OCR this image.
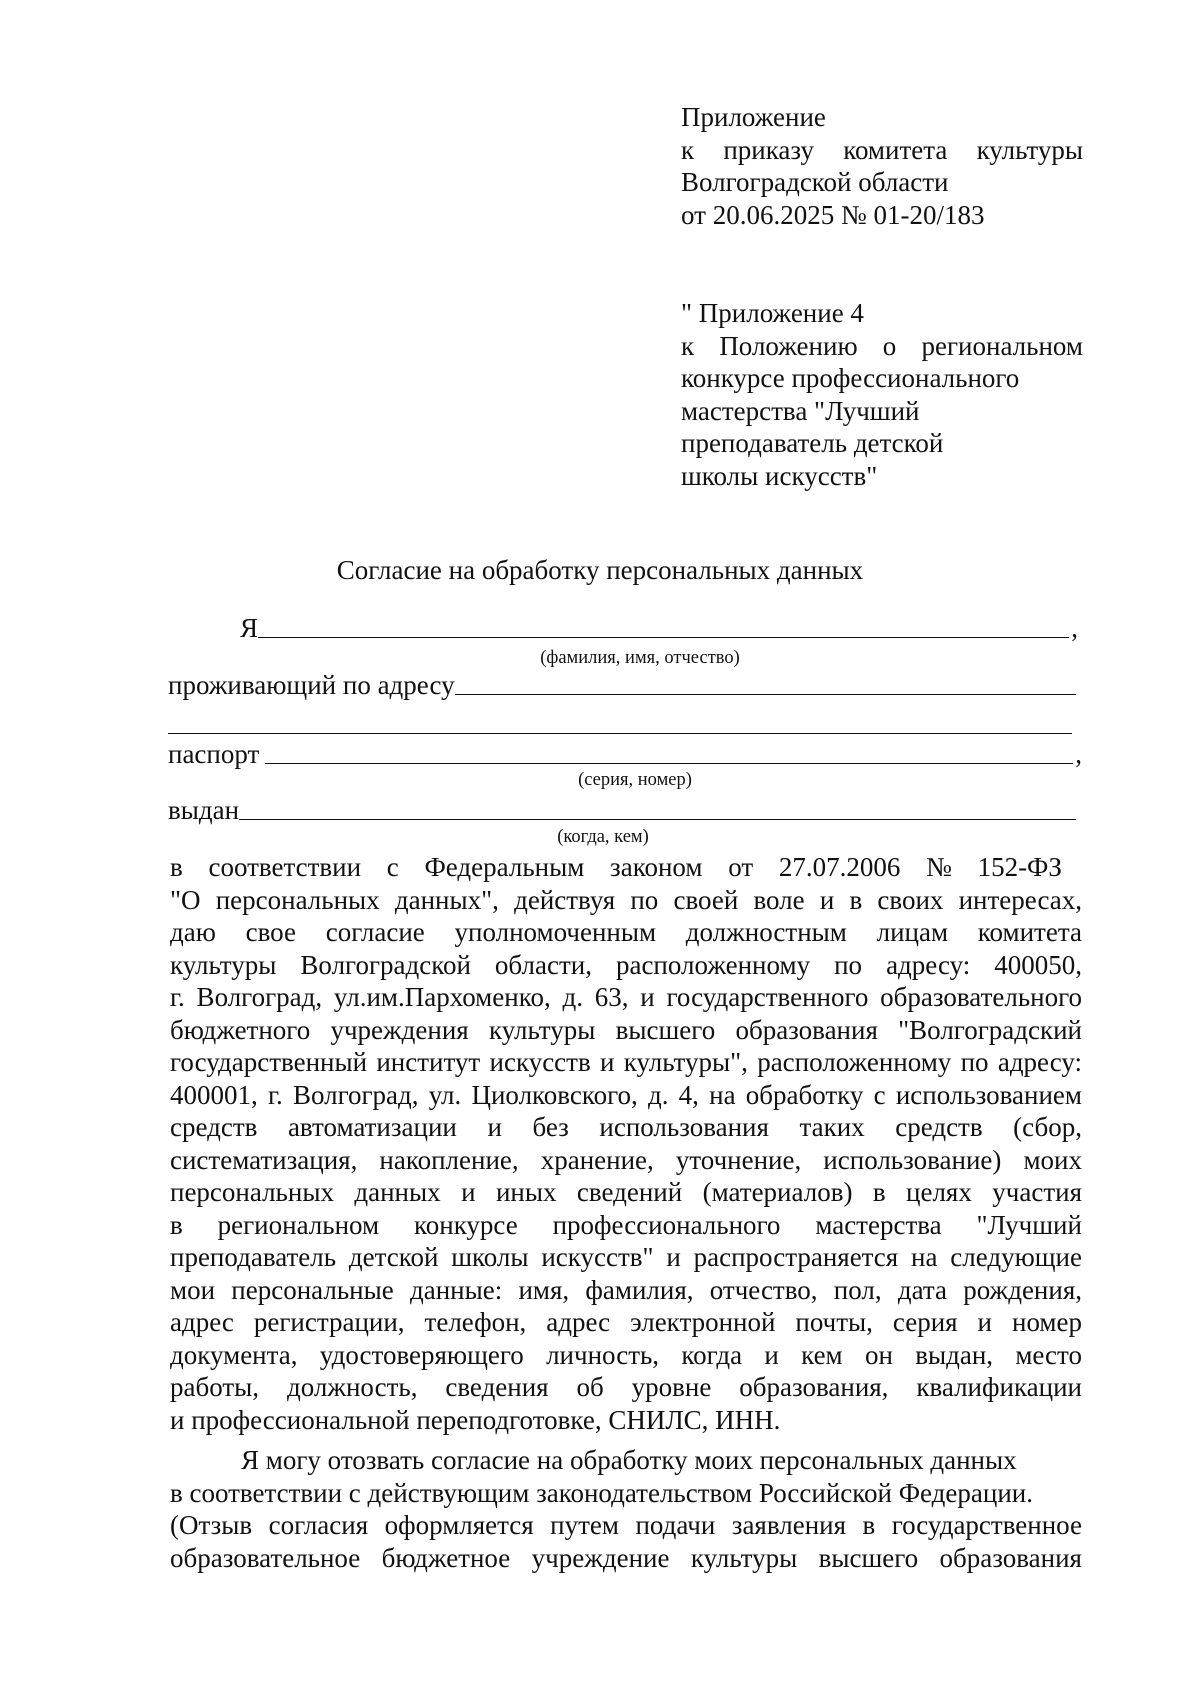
Приложение
к приказу комитета культуры
Волгоградской области
от 20.06.2025 № 01-20/183
" Приложение 4
к Положению о региональном
конкурсе профессионального
мастерства "Лучший
преподаватель детской
школы искусств"
Согласие на обработку персональных данных
Я	,
(фамилия, имя, отчество)
проживающий по адресу
паспорт	,
(серия, номер)
выдан
(когда, кем)
в соответствии с Федеральным законом от 27.07.2006 № 152-ФЗ
"О персональных данных", действуя по своей воле и в своих интересах,
даю свое согласие уполномоченным должностным лицам комитета
культуры Волгоградской области, расположенному по адресу: 400050,
г. Волгоград, ул.им.Пархоменко, д. 63, и государственного образовательного
бюджетного учреждения культуры высшего образования "Волгоградский
государственный институт искусств и культуры", расположенному по адресу:
400001, г. Волгоград, ул. Циолковского, д. 4, на обработку с использованием
средств автоматизации и без использования таких средств (сбор,
систематизация, накопление, хранение, уточнение, использование) моих
персональных данных и иных сведений (материалов) в целях участия
в региональном конкурсе профессионального мастерства "Лучший
преподаватель детской школы искусств" и распространяется на следующие
мои персональные данные: имя, фамилия, отчество, пол, дата рождения,
адрес регистрации, телефон, адрес электронной почты, серия и номер
документа, удостоверяющего личность, когда и кем он выдан, место
работы, должность, сведения об уровне образования, квалификации
и профессиональной переподготовке, СНИЛС, ИНН.
Я могу отозвать согласие на обработку моих персональных данных
в соответствии с действующим законодательством Российской Федерации.
(Отзыв согласия оформляется путем подачи заявления в государственное
образовательное бюджетное учреждение культуры высшего образования
